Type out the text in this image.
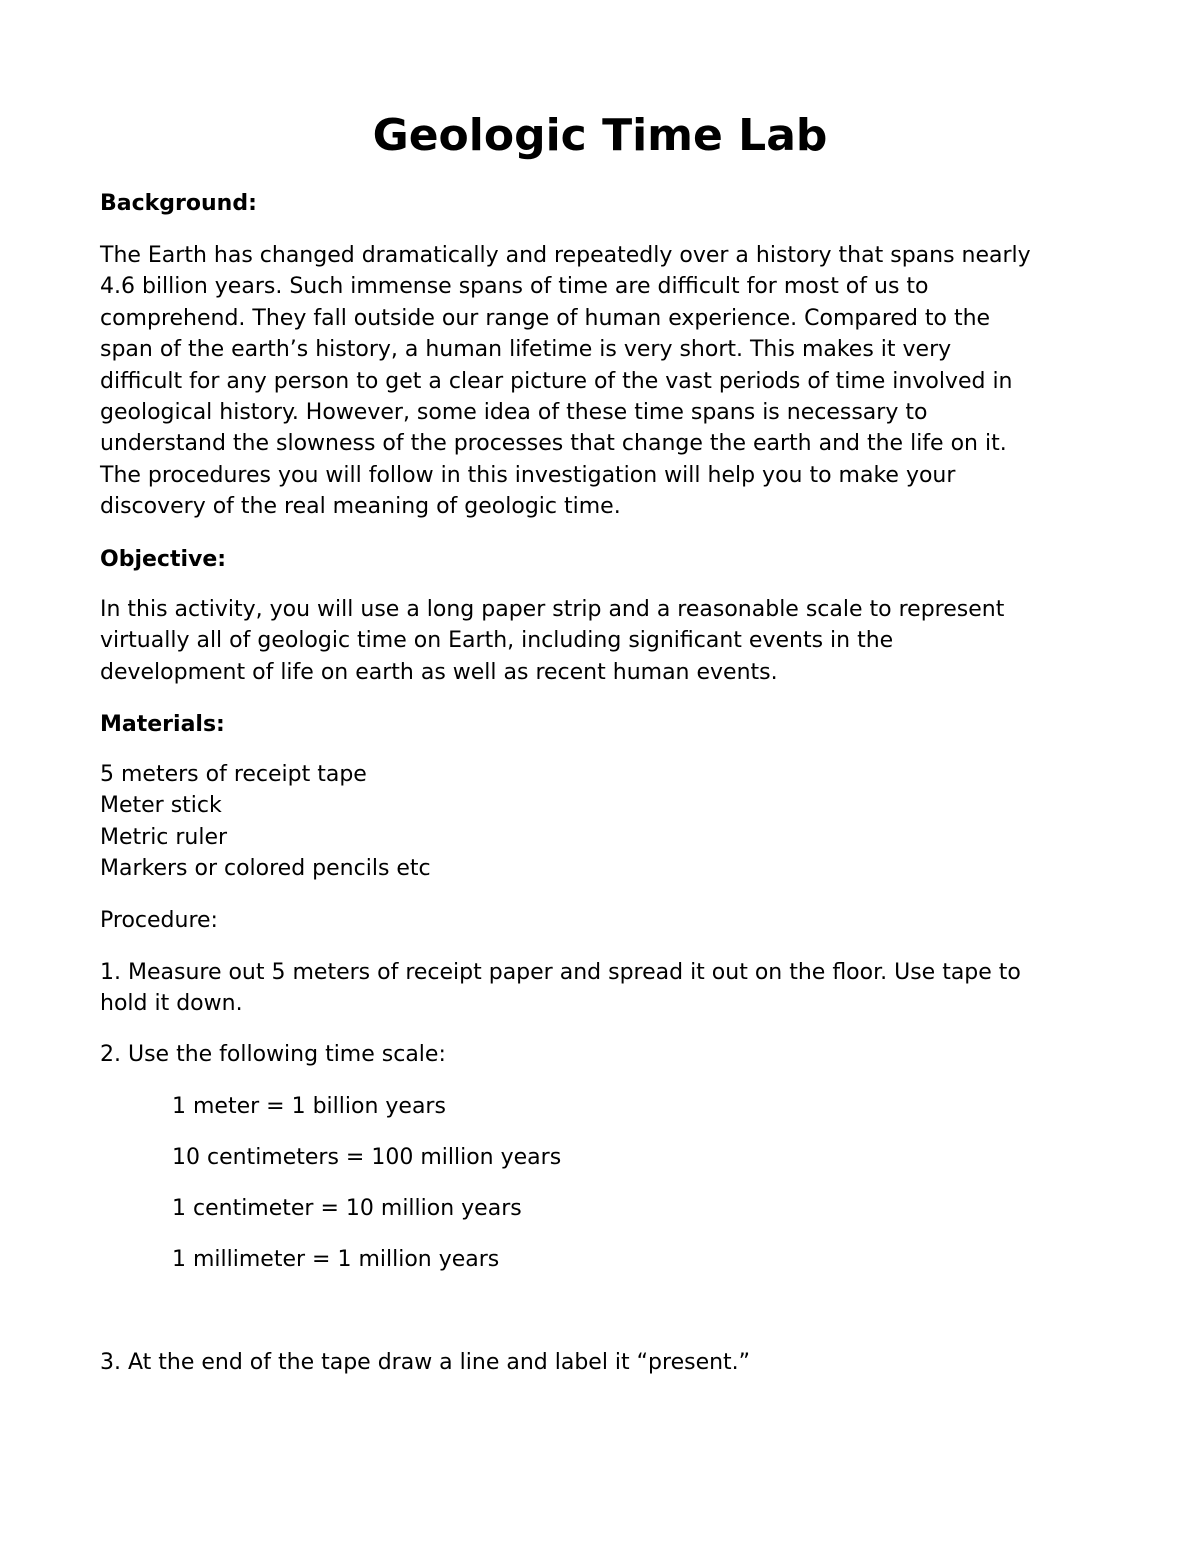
Geologic Time Lab
Background:
The Earth has changed dramatically and repeatedly over a history that spans nearly
4.6 billion years. Such immense spans of time are difficult for most of us to
comprehend. They fall outside our range of human experience. Compared to the
span of the earth’s history, a human lifetime is very short. This makes it very
difficult for any person to get a clear picture of the vast periods of time involved in
geological history. However, some idea of these time spans is necessary to
understand the slowness of the processes that change the earth and the life on it.
The procedures you will follow in this investigation will help you to make your
discovery of the real meaning of geologic time.
Objective:
In this activity, you will use a long paper strip and a reasonable scale to represent
virtually all of geologic time on Earth, including significant events in the
development of life on earth as well as recent human events.
Materials:
5 meters of receipt tape
Meter stick
Metric ruler
Markers or colored pencils etc

Procedure:

1. Measure out 5 meters of receipt paper and spread it out on the floor. Use tape to
hold it down.

2. Use the following time scale:

1 meter = 1 billion years

10 centimeters = 100 million years

1 centimeter = 10 million years

1 millimeter = 1 million years

3. At the end of the tape draw a line and label it “present.”
